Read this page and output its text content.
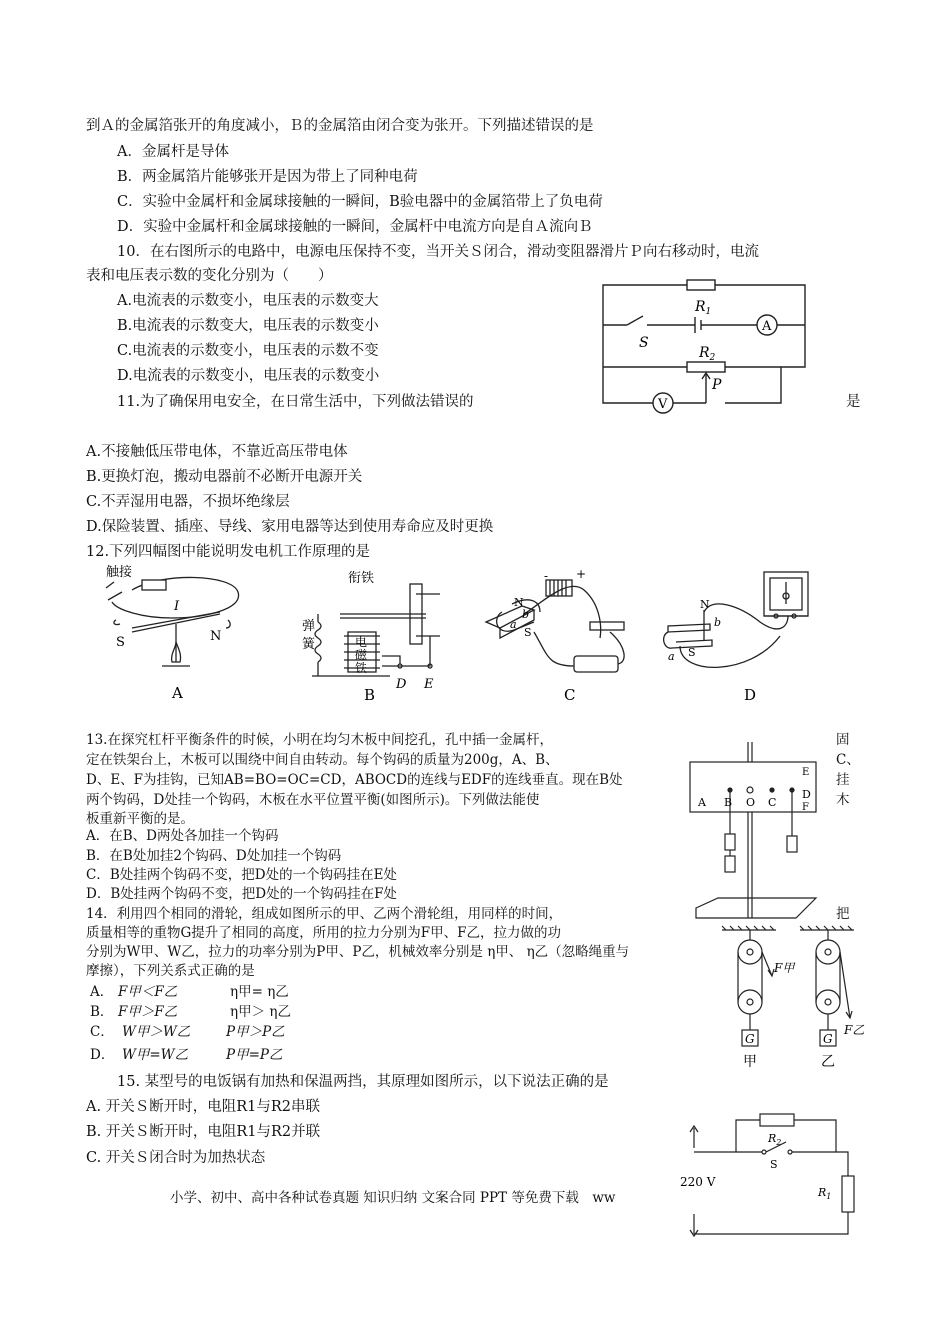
到Ａ的金属箔张开的角度减小，Ｂ的金属箔由闭合变为张开。下列描述错误的是
A．金属杆是导体
B．两金属箔片能够张开是因为带上了同种电荷
C．实验中金属杆和金属球接触的一瞬间，B验电器中的金属箔带上了负电荷
D．实验中金属杆和金属球接触的一瞬间，金属杆中电流方向是自Ａ流向Ｂ
10．在右图所示的电路中，电源电压保持不变，当开关Ｓ闭合，滑动变阻器滑片Ｐ向右移动时，电流
表和电压表示数的变化分别为（　　）
A.电流表的示数变小，电压表的示数变大
B.电流表的示数变大，电压表的示数变小
C.电流表的示数变小，电压表的示数不变
D.电流表的示数变小，电压表的示数变小
$R_1$
S
A
$R_2$
P
V
11.为了确保用电安全，在日常生活中，下列做法错误的	是
A.不接触低压带电体，不靠近高压带电体
B.更换灯泡，搬动电器前不必断开电源开关
C.不弄湿用电器，不损坏绝缘层
D.保险装置、插座、导线、家用电器等达到使用寿命应及时更换
12.下列四幅图中能说明发电机工作原理的是
触接
I
S	N
A
衔铁
弹
簧	电
磁
铁
D E
B
- +
N
b
a
S
C
N
b
a S
D
13.在探究杠杆平衡条件的时候，小明在均匀木板中间挖孔，孔中插一金属杆，
定在铁架台上，木板可以围绕中间自由转动。每个钩码的质量为200g，A、B、
D、E、F为挂钩，已知AB=BO=OC=CD，ABOCD的连线与EDF的连线垂直。现在B处
两个钩码，D处挂一个钩码，木板在水平位置平衡(如图所示)。下列做法能使
板重新平衡的是。
固
C、
挂
木
A．在B、D两处各加挂一个钩码
B．在B处加挂2个钩码、D处加挂一个钩码
C．B处挂两个钩码不变，把D处的一个钩码挂在E处
D．B处挂两个钩码不变，把D处的一个钩码挂在F处
A B O C
D
E
F
14．利用四个相同的滑轮，组成如图所示的甲、乙两个滑轮组，用同样的时间，	把
质量相等的重物G提升了相同的高度，所用的拉力分别为F甲、F乙，拉力做的功
分别为W甲、W乙，拉力的功率分别为P甲、P乙，机械效率分别是 η甲、 η乙（忽略绳重与
摩擦），下列关系式正确的是
A． F甲＜F乙	η甲= η乙
B． F甲＞F乙	η甲＞ η乙
C． W甲＞W乙	P甲＞P乙
D． W甲=W乙	P甲=P乙
G	G
F甲
F乙
甲	乙
15. 某型号的电饭锅有加热和保温两挡，其原理如图所示，以下说法正确的是
A. 开关Ｓ断开时，电阻R1与R2串联
B. 开关Ｓ断开时，电阻R1与R2并联
C. 开关Ｓ闭合时为加热状态
220 V
$R_2$
S
$R_1$
小学、初中、高中各种试卷真题 知识归纳 文案合同 PPT 等免费下载　ww
